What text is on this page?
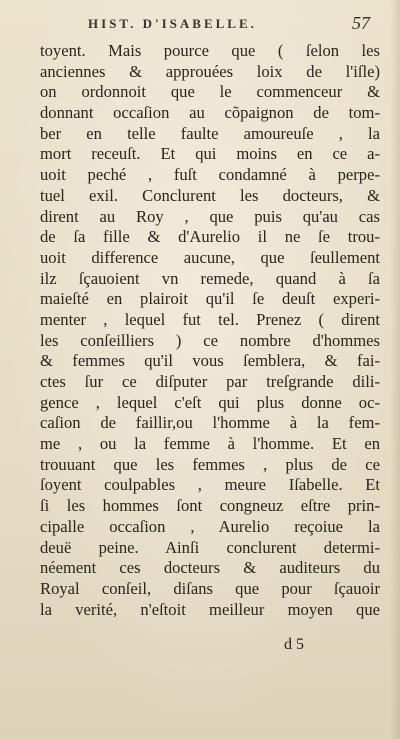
HIST. D'ISABELLE.	57
toyent. Mais pource que ( ſelon les
anciennes & approuées loix de l'iſle)
on ordonnoit que le commenceur &
donnant occaſion au cõpaignon de tom-
ber en telle faulte amoureuſe , la
mort receuſt. Et qui moins en ce a-
uoit peché , fuſt condamné à perpe-
tuel exil. Conclurent les docteurs, &
dirent au Roy , que puis qu'au cas
de ſa fille & d'Aurelio il ne ſe trou-
uoit difference aucune, que ſeullement
ilz ſçauoient vn remede, quand à ſa
maieſté en plairoit qu'il ſe deuſt experi-
menter , lequel fut tel. Prenez ( dirent
les conſeilliers ) ce nombre d'hommes
& femmes qu'il vous ſemblera, & fai-
ctes ſur ce diſputer par treſgrande dili-
gence , lequel c'eſt qui plus donne oc-
caſion de faillir,ou l'homme à la fem-
me , ou la femme à l'homme. Et en
trouuant que les femmes , plus de ce
ſoyent coulpables , meure Iſabelle. Et
ſi les hommes ſont congneuz eſtre prin-
cipalle occaſion , Aurelio reçoiue la
deuë peine. Ainſi conclurent determi-
néement ces docteurs & auditeurs du
Royal conſeil, diſans que pour ſçauoir
la verité, n'eſtoit meilleur moyen que
d 5
